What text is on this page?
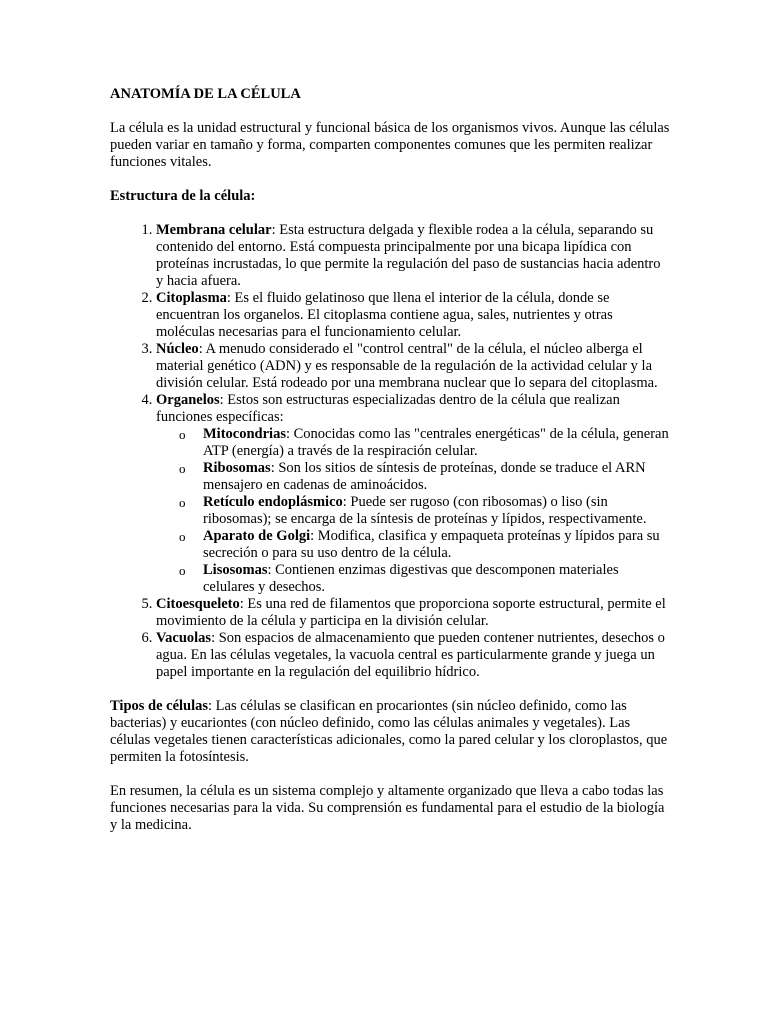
ANATOMÍA DE LA CÉLULA

La célula es la unidad estructural y funcional básica de los organismos vivos. Aunque las células pueden variar en tamaño y forma, comparten componentes comunes que les permiten realizar funciones vitales.

Estructura de la célula:
1. Membrana celular: Esta estructura delgada y flexible rodea a la célula, separando su contenido del entorno. Está compuesta principalmente por una bicapa lipídica con proteínas incrustadas, lo que permite la regulación del paso de sustancias hacia adentro y hacia afuera.
2. Citoplasma: Es el fluido gelatinoso que llena el interior de la célula, donde se encuentran los organelos. El citoplasma contiene agua, sales, nutrientes y otras moléculas necesarias para el funcionamiento celular.
3. Núcleo: A menudo considerado el "control central" de la célula, el núcleo alberga el material genético (ADN) y es responsable de la regulación de la actividad celular y la división celular. Está rodeado por una membrana nuclear que lo separa del citoplasma.
4. Organelos: Estos son estructuras especializadas dentro de la célula que realizan funciones específicas:
o Mitocondrias: Conocidas como las "centrales energéticas" de la célula, generan ATP (energía) a través de la respiración celular.
o Ribosomas: Son los sitios de síntesis de proteínas, donde se traduce el ARN mensajero en cadenas de aminoácidos.
o Retículo endoplásmico: Puede ser rugoso (con ribosomas) o liso (sin ribosomas); se encarga de la síntesis de proteínas y lípidos, respectivamente.
o Aparato de Golgi: Modifica, clasifica y empaqueta proteínas y lípidos para su secreción o para su uso dentro de la célula.
o Lisosomas: Contienen enzimas digestivas que descomponen materiales celulares y desechos.
5. Citoesqueleto: Es una red de filamentos que proporciona soporte estructural, permite el movimiento de la célula y participa en la división celular.
6. Vacuolas: Son espacios de almacenamiento que pueden contener nutrientes, desechos o agua. En las células vegetales, la vacuola central es particularmente grande y juega un papel importante en la regulación del equilibrio hídrico.

Tipos de células: Las células se clasifican en procariontes (sin núcleo definido, como las bacterias) y eucariontes (con núcleo definido, como las células animales y vegetales). Las células vegetales tienen características adicionales, como la pared celular y los cloroplastos, que permiten la fotosíntesis.

En resumen, la célula es un sistema complejo y altamente organizado que lleva a cabo todas las funciones necesarias para la vida. Su comprensión es fundamental para el estudio de la biología y la medicina.
